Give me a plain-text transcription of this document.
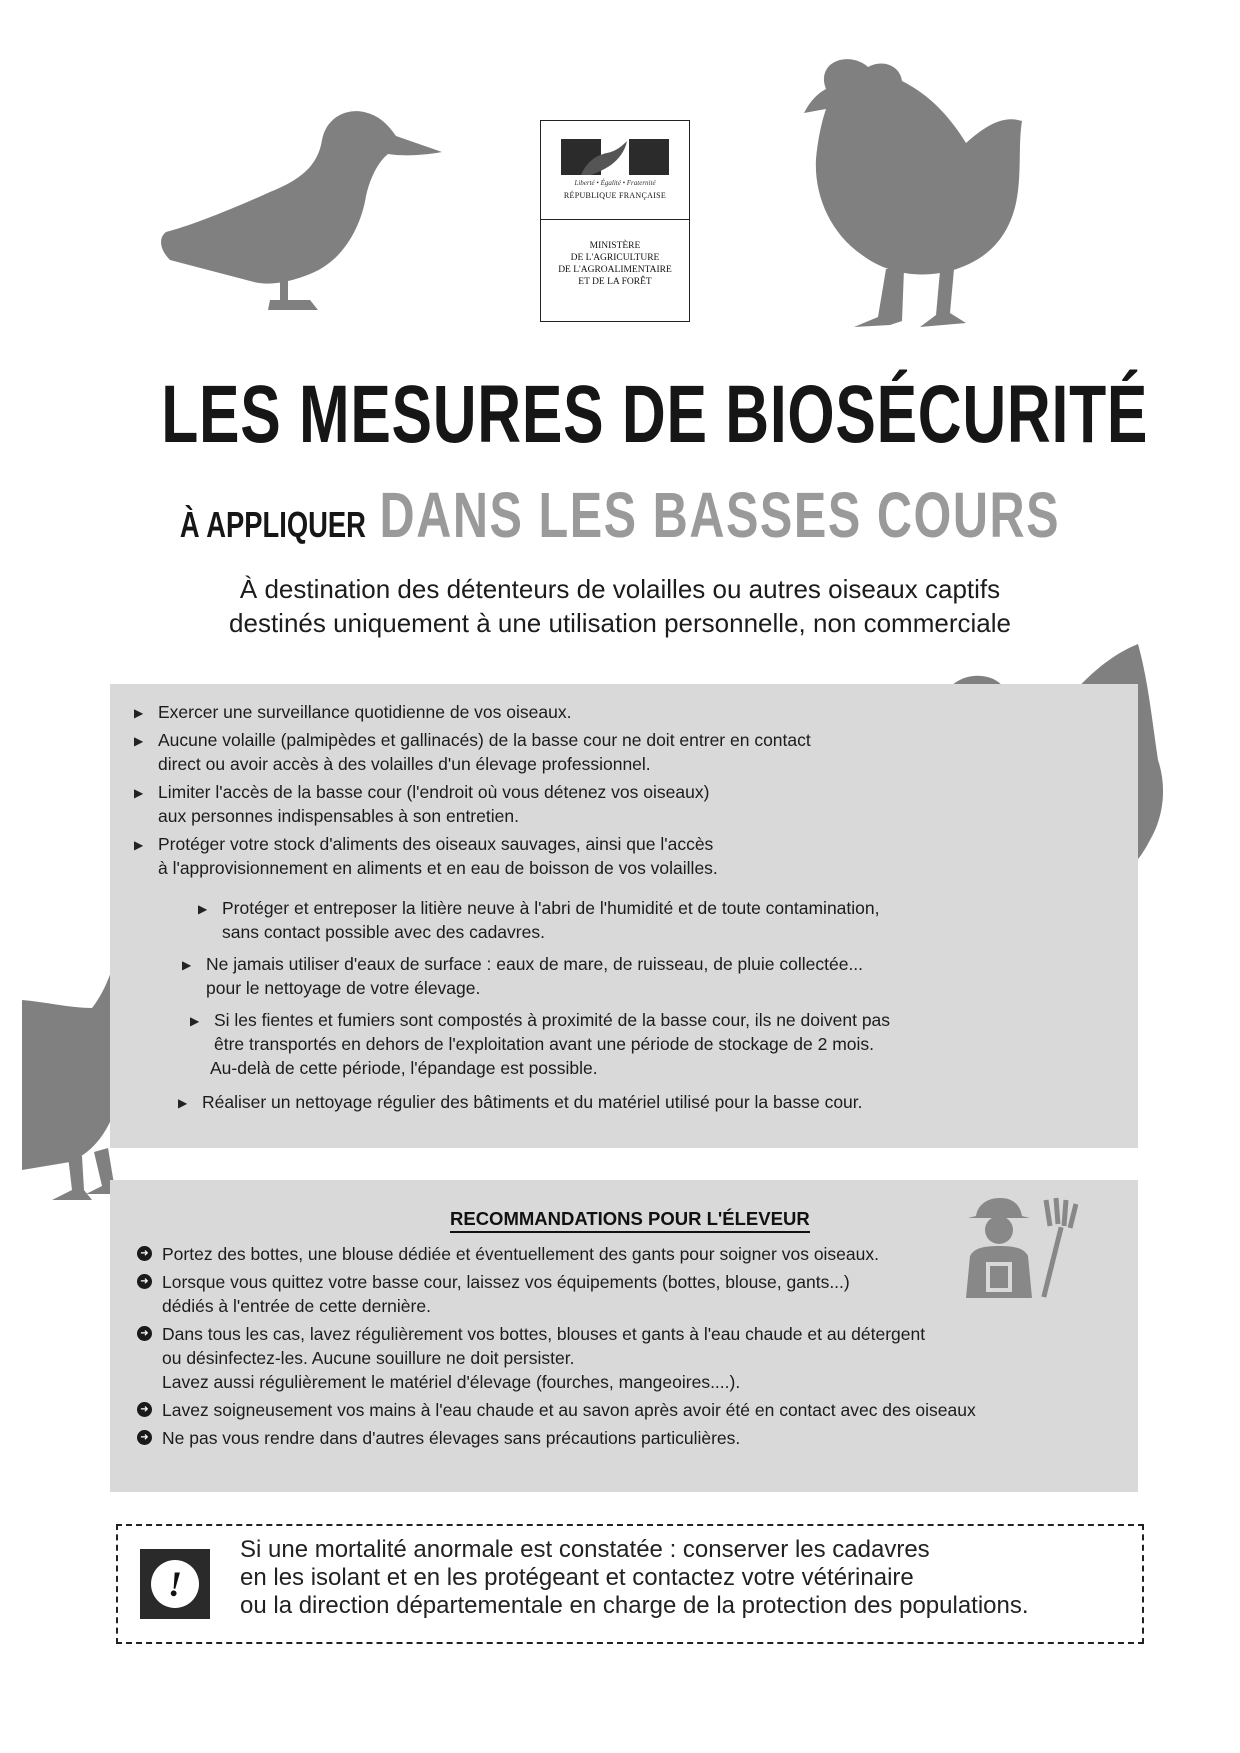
Liberté • Égalité • Fraternité
RÉPUBLIQUE FRANÇAISE
MINISTÈRE
DE L'AGRICULTURE
DE L'AGROALIMENTAIRE
ET DE LA FORÊT
LES MESURES DE BIOSÉCURITÉ
À APPLIQUER DANS LES BASSES COURS
À destination des détenteurs de volailles ou autres oiseaux captifs
destinés uniquement à une utilisation personnelle, non commerciale
▶ Exercer une surveillance quotidienne de vos oiseaux.
▶ Aucune volaille (palmipèdes et gallinacés) de la basse cour ne doit entrer en contact
direct ou avoir accès à des volailles d'un élevage professionnel.
▶ Limiter l'accès de la basse cour (l'endroit où vous détenez vos oiseaux)
aux personnes indispensables à son entretien.
▶ Protéger votre stock d'aliments des oiseaux sauvages, ainsi que l'accès
à l'approvisionnement en aliments et en eau de boisson de vos volailles.
▶ Protéger et entreposer la litière neuve à l'abri de l'humidité et de toute contamination,
sans contact possible avec des cadavres.
▶ Ne jamais utiliser d'eaux de surface : eaux de mare, de ruisseau, de pluie collectée...
pour le nettoyage de votre élevage.
▶ Si les fientes et fumiers sont compostés à proximité de la basse cour, ils ne doivent pas
être transportés en dehors de l'exploitation avant une période de stockage de 2 mois.
Au-delà de cette période, l'épandage est possible.
▶ Réaliser un nettoyage régulier des bâtiments et du matériel utilisé pour la basse cour.
RECOMMANDATIONS POUR L'ÉLEVEUR
➜ Portez des bottes, une blouse dédiée et éventuellement des gants pour soigner vos oiseaux.
➜ Lorsque vous quittez votre basse cour, laissez vos équipements (bottes, blouse, gants...)
dédiés à l'entrée de cette dernière.
➜ Dans tous les cas, lavez régulièrement vos bottes, blouses et gants à l'eau chaude et au détergent
ou désinfectez-les. Aucune souillure ne doit persister.
Lavez aussi régulièrement le matériel d'élevage (fourches, mangeoires....).
➜ Lavez soigneusement vos mains à l'eau chaude et au savon après avoir été en contact avec des oiseaux
➜ Ne pas vous rendre dans d'autres élevages sans précautions particulières.
!
Si une mortalité anormale est constatée : conserver les cadavres
en les isolant et en les protégeant et contactez votre vétérinaire
ou la direction départementale en charge de la protection des populations.
